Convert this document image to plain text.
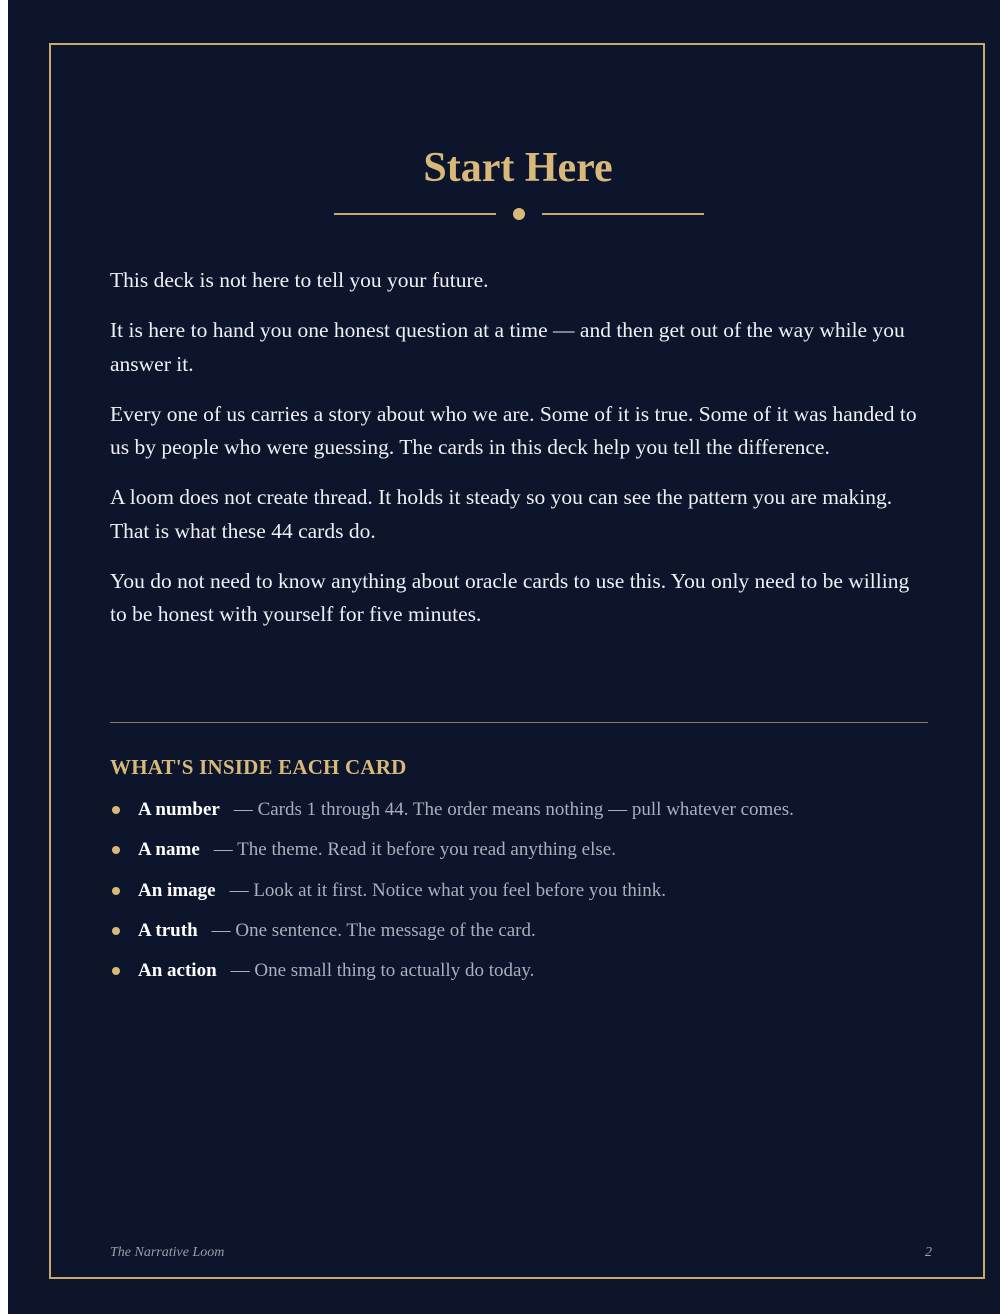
Start Here

This deck is not here to tell you your future.

It is here to hand you one honest question at a time — and then get out of the way while you answer it.

Every one of us carries a story about who we are. Some of it is true. Some of it was handed to us by people who were guessing. The cards in this deck help you tell the difference.

A loom does not create thread. It holds it steady so you can see the pattern you are making. That is what these 44 cards do.

You do not need to know anything about oracle cards to use this. You only need to be willing to be honest with yourself for five minutes.

WHAT'S INSIDE EACH CARD
A number — Cards 1 through 44. The order means nothing — pull whatever comes.
A name — The theme. Read it before you read anything else.
An image — Look at it first. Notice what you feel before you think.
A truth — One sentence. The message of the card.
An action — One small thing to actually do today.
The Narrative Loom	2
